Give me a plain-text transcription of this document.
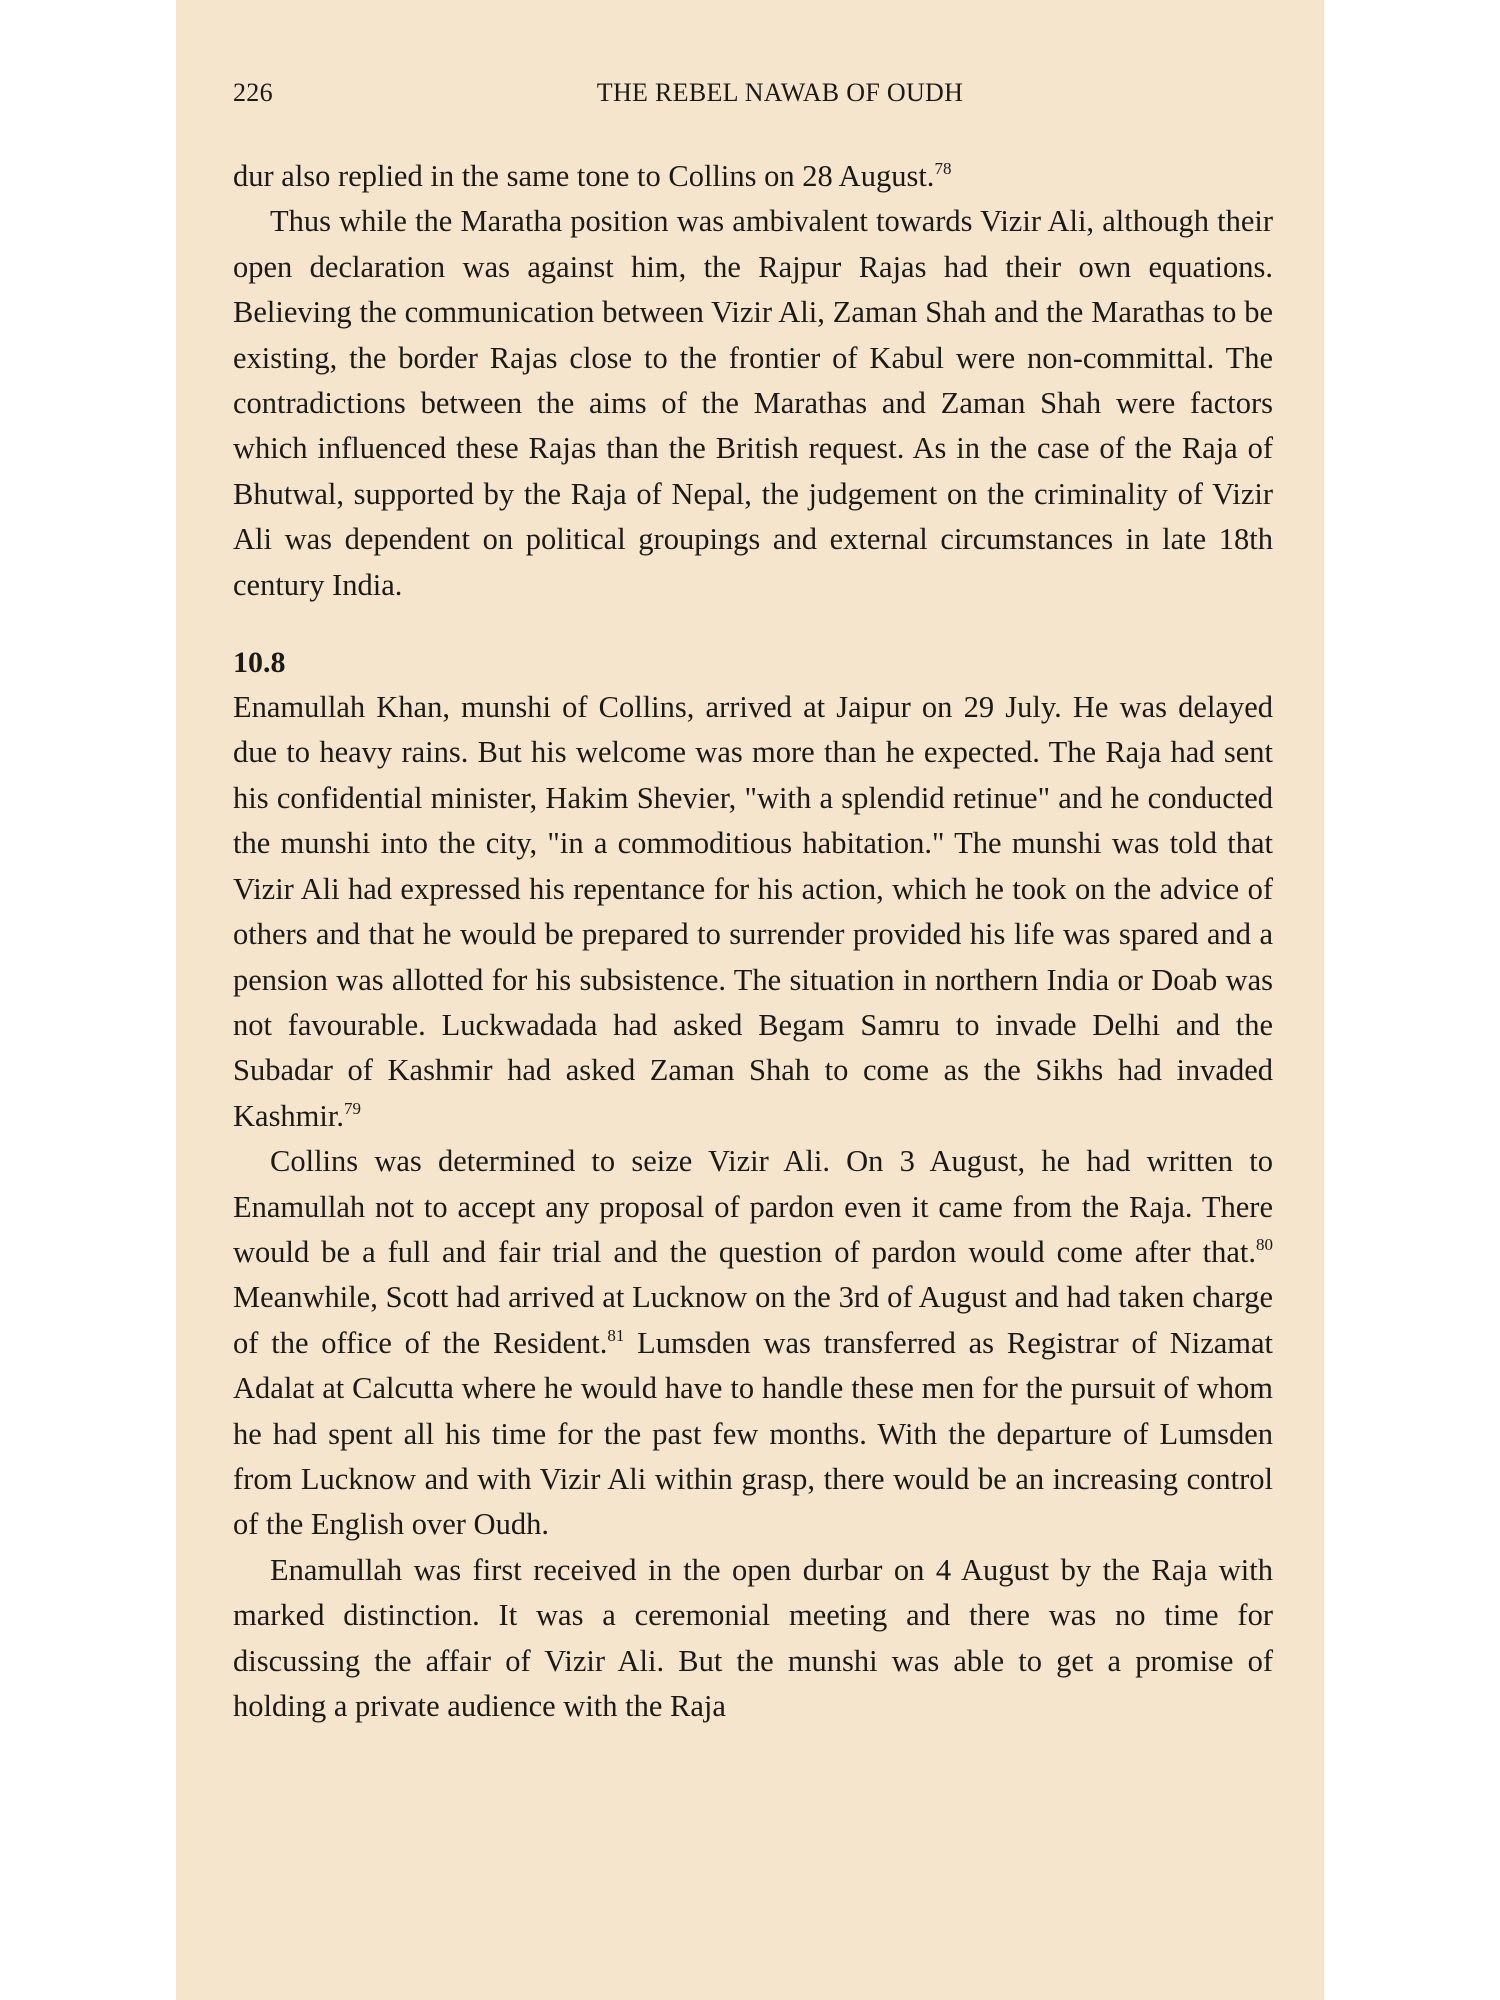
226	THE REBEL NAWAB OF OUDH

dur also replied in the same tone to Collins on 28 August.$^{78}$

Thus while the Maratha position was ambivalent towards Vizir Ali, although their open declaration was against him, the Rajpur Rajas had their own equations. Believing the communication between Vizir Ali, Zaman Shah and the Marathas to be existing, the border Rajas close to the frontier of Kabul were non-committal. The contradictions between the aims of the Marathas and Zaman Shah were factors which influenced these Rajas than the British request. As in the case of the Raja of Bhutwal, supported by the Raja of Nepal, the judgement on the criminality of Vizir Ali was dependent on political groupings and external circumstances in late 18th century India.

10.8

Enamullah Khan, munshi of Collins, arrived at Jaipur on 29 July. He was delayed due to heavy rains. But his welcome was more than he expected. The Raja had sent his confidential minister, Hakim Shevier, "with a splendid retinue" and he conducted the munshi into the city, "in a commoditious habitation." The munshi was told that Vizir Ali had expressed his repentance for his action, which he took on the advice of others and that he would be prepared to surrender provided his life was spared and a pension was allotted for his subsistence. The situation in northern India or Doab was not favourable. Luckwadada had asked Begam Samru to invade Delhi and the Subadar of Kashmir had asked Zaman Shah to come as the Sikhs had invaded Kashmir.$^{79}$

Collins was determined to seize Vizir Ali. On 3 August, he had written to Enamullah not to accept any proposal of pardon even it came from the Raja. There would be a full and fair trial and the question of pardon would come after that.$^{80}$ Meanwhile, Scott had arrived at Lucknow on the 3rd of August and had taken charge of the office of the Resident.$^{81}$ Lumsden was transferred as Registrar of Nizamat Adalat at Calcutta where he would have to handle these men for the pursuit of whom he had spent all his time for the past few months. With the departure of Lumsden from Lucknow and with Vizir Ali within grasp, there would be an increasing control of the English over Oudh.

Enamullah was first received in the open durbar on 4 August by the Raja with marked distinction. It was a ceremonial meeting and there was no time for discussing the affair of Vizir Ali. But the munshi was able to get a promise of holding a private audience with the Raja
